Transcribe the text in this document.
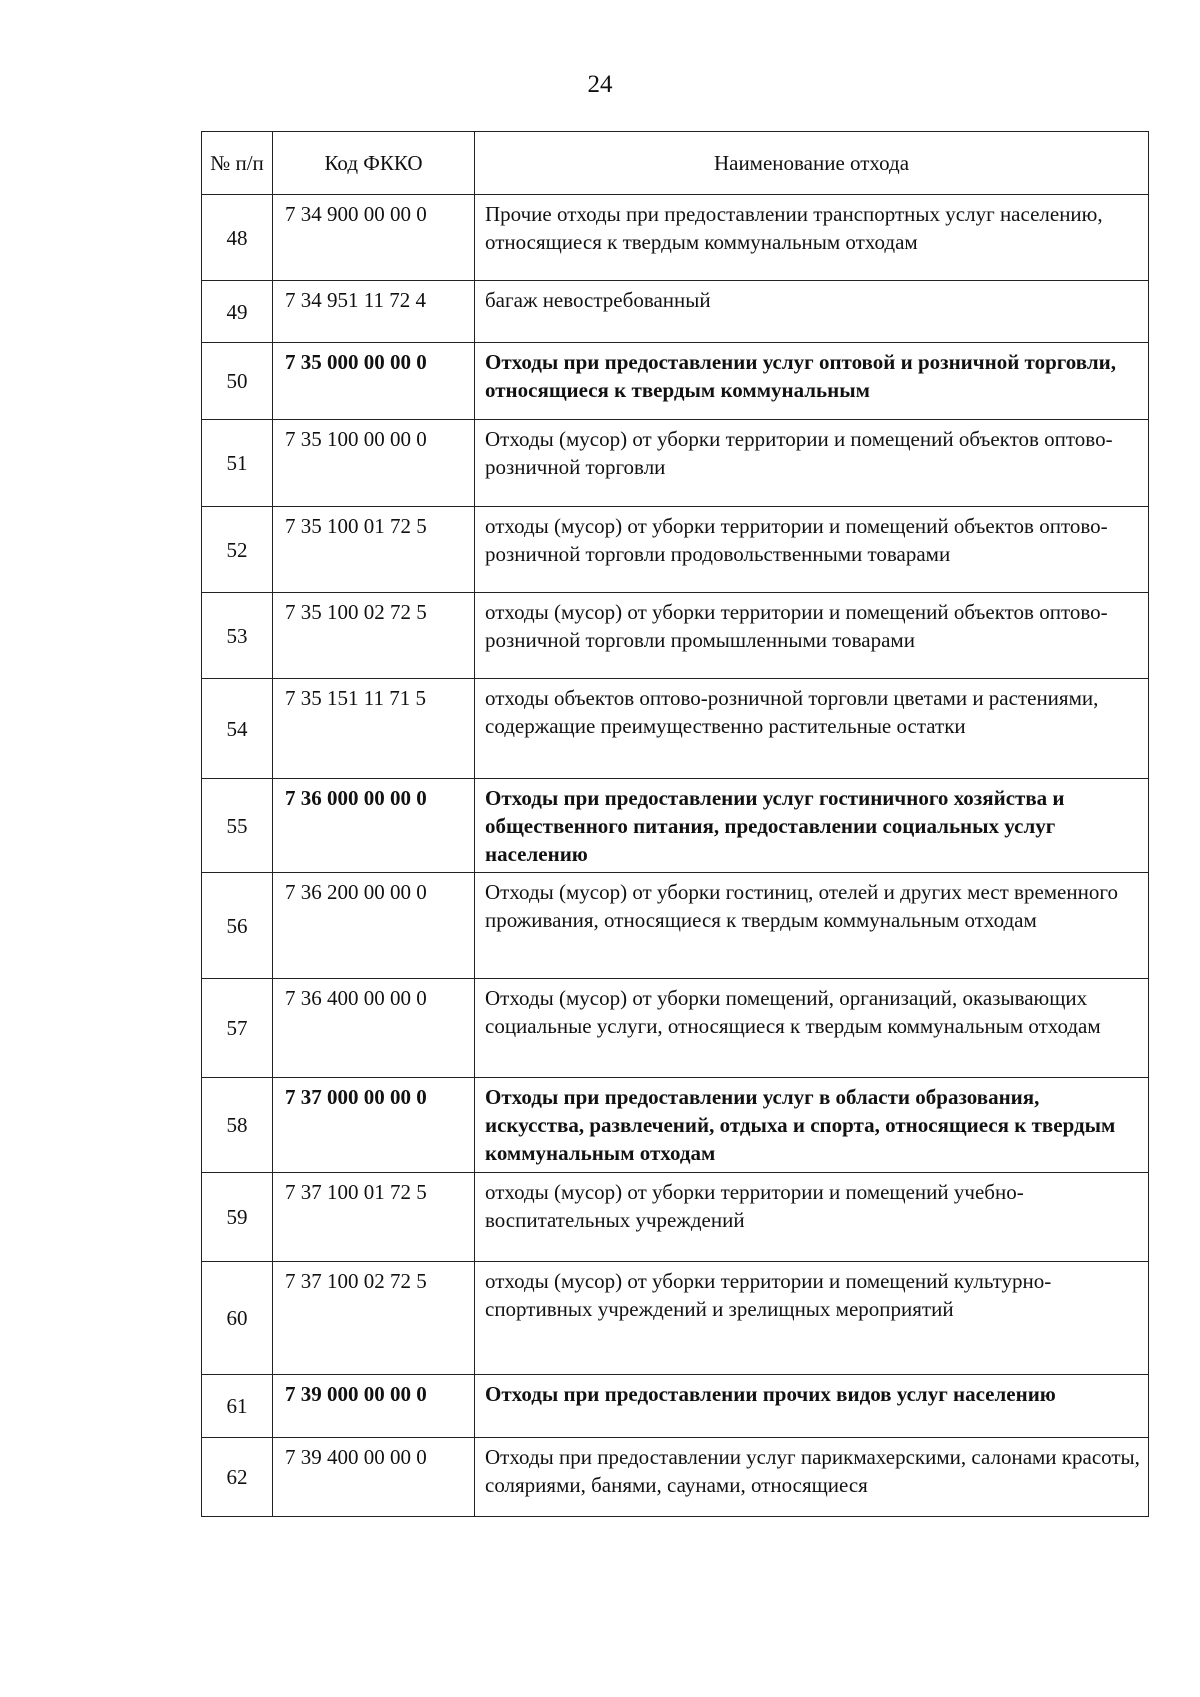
24
№ п/п	Код ФККО	Наименование отхода
48	7 34 900 00 00 0	Прочие отходы при предоставлении транспортных услуг населению, относящиеся к твердым коммунальным отходам
49	7 34 951 11 72 4	багаж невостребованный
50	7 35 000 00 00 0	Отходы при предоставлении услуг оптовой и розничной торговли, относящиеся к твердым коммунальным
51	7 35 100 00 00 0	Отходы (мусор) от уборки территории и помещений объектов оптово-розничной торговли
52	7 35 100 01 72 5	отходы (мусор) от уборки территории и помещений объектов оптово-розничной торговли продовольственными товарами
53	7 35 100 02 72 5	отходы (мусор) от уборки территории и помещений объектов оптово-розничной торговли промышленными товарами
54	7 35 151 11 71 5	отходы объектов оптово-розничной торговли цветами и растениями, содержащие преимущественно растительные остатки
55	7 36 000 00 00 0	Отходы при предоставлении услуг гостиничного хозяйства и общественного питания, предоставлении социальных услуг населению
56	7 36 200 00 00 0	Отходы (мусор) от уборки гостиниц, отелей и других мест временного проживания, относящиеся к твердым коммунальным отходам
57	7 36 400 00 00 0	Отходы (мусор) от уборки помещений, организаций, оказывающих социальные услуги, относящиеся к твердым коммунальным отходам
58	7 37 000 00 00 0	Отходы при предоставлении услуг в области образования, искусства, развлечений, отдыха и спорта, относящиеся к твердым коммунальным отходам
59	7 37 100 01 72 5	отходы (мусор) от уборки территории и помещений учебно-воспитательных учреждений
60	7 37 100 02 72 5	отходы (мусор) от уборки территории и помещений культурно-спортивных учреждений и зрелищных мероприятий
61	7 39 000 00 00 0	Отходы при предоставлении прочих видов услуг населению
62	7 39 400 00 00 0	Отходы при предоставлении услуг парикмахерскими, салонами красоты, соляриями, банями, саунами, относящиеся
